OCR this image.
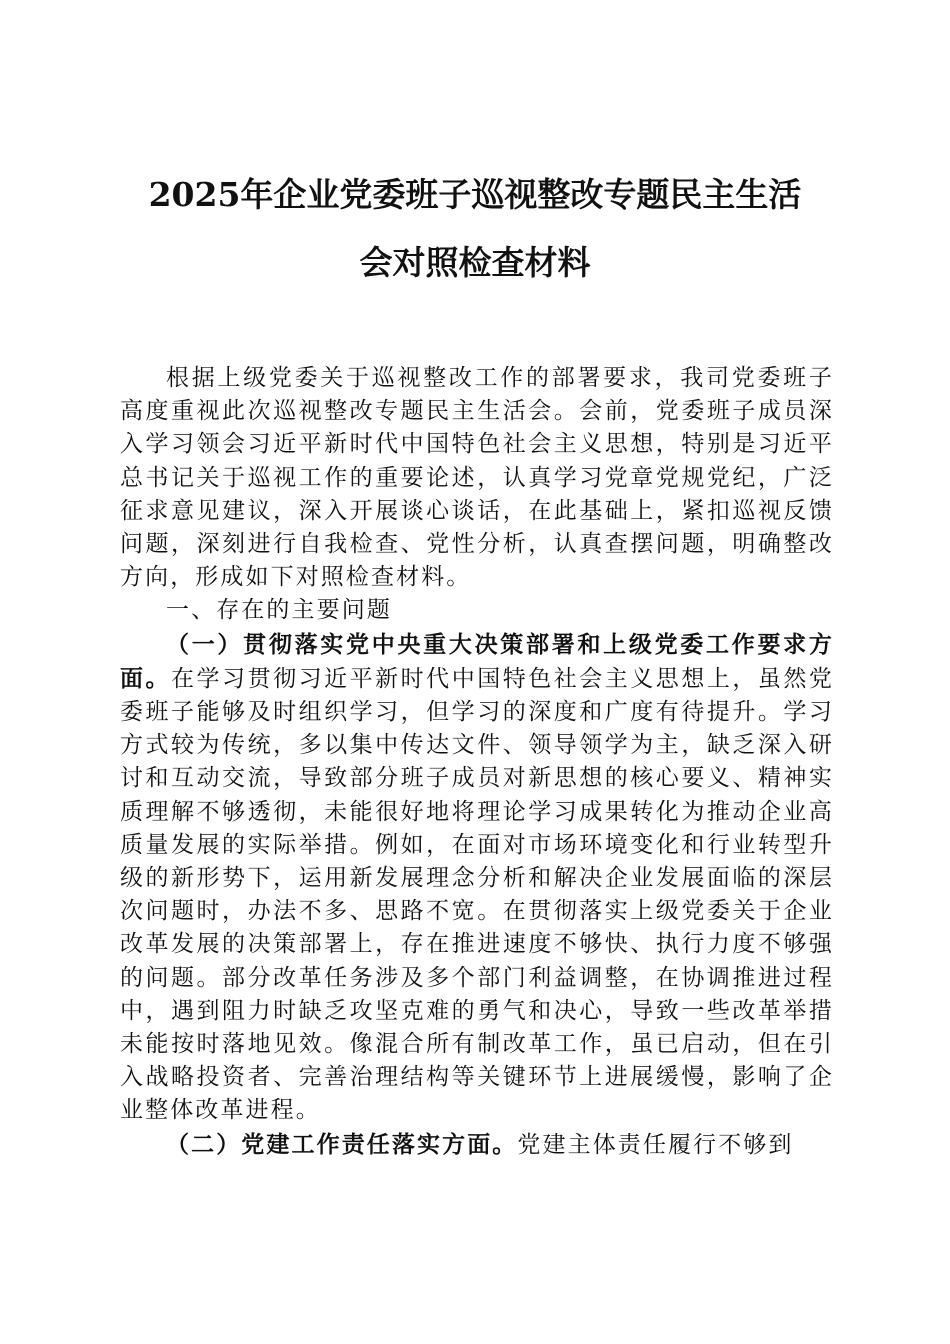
2025年企业党委班子巡视整改专题民主生活
会对照检查材料

根据上级党委关于巡视整改工作的部署要求，我司党委班子高度重视此次巡视整改专题民主生活会。会前，党委班子成员深入学习领会习近平新时代中国特色社会主义思想，特别是习近平总书记关于巡视工作的重要论述，认真学习党章党规党纪，广泛征求意见建议，深入开展谈心谈话，在此基础上，紧扣巡视反馈问题，深刻进行自我检查、党性分析，认真查摆问题，明确整改方向，形成如下对照检查材料。

一、存在的主要问题

（一）贯彻落实党中央重大决策部署和上级党委工作要求方面。在学习贯彻习近平新时代中国特色社会主义思想上，虽然党委班子能够及时组织学习，但学习的深度和广度有待提升。学习方式较为传统，多以集中传达文件、领导领学为主，缺乏深入研讨和互动交流，导致部分班子成员对新思想的核心要义、精神实质理解不够透彻，未能很好地将理论学习成果转化为推动企业高质量发展的实际举措。例如，在面对市场环境变化和行业转型升级的新形势下，运用新发展理念分析和解决企业发展面临的深层次问题时，办法不多、思路不宽。在贯彻落实上级党委关于企业改革发展的决策部署上，存在推进速度不够快、执行力度不够强的问题。部分改革任务涉及多个部门利益调整，在协调推进过程中，遇到阻力时缺乏攻坚克难的勇气和决心，导致一些改革举措未能按时落地见效。像混合所有制改革工作，虽已启动，但在引入战略投资者、完善治理结构等关键环节上进展缓慢，影响了企业整体改革进程。

（二）党建工作责任落实方面。党建主体责任履行不够到
